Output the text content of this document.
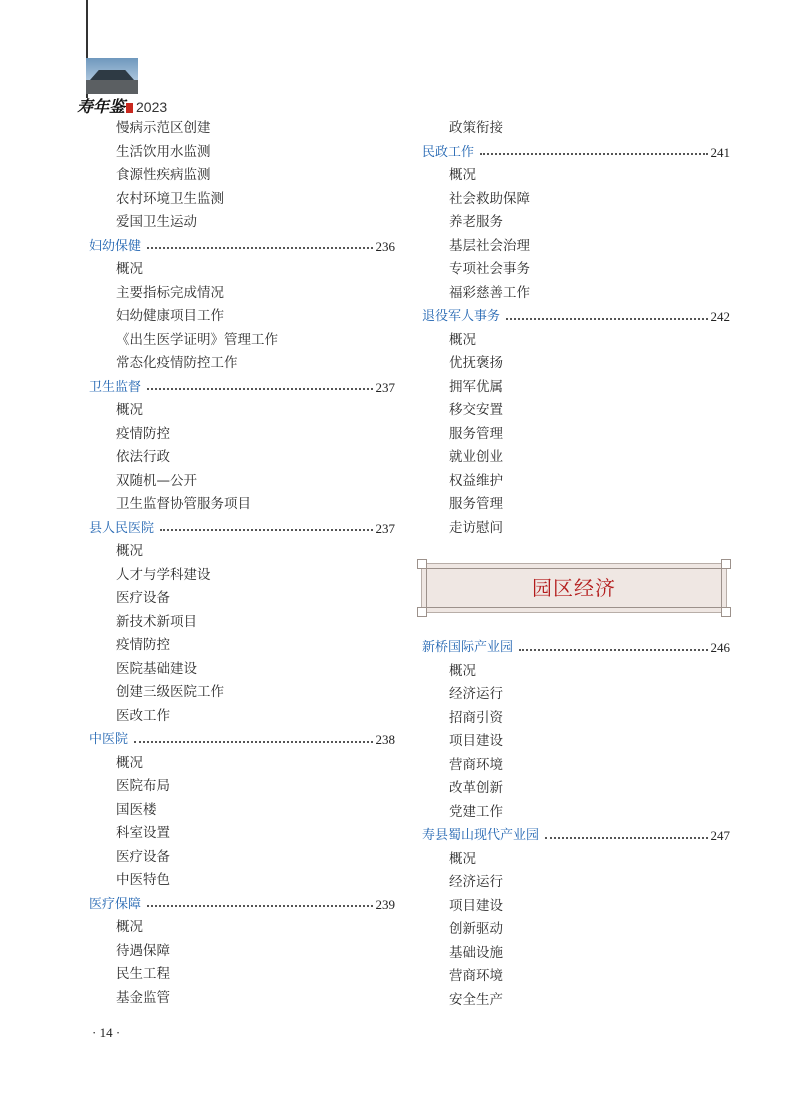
寿年鉴 2023
慢病示范区创建
生活饮用水监测
食源性疾病监测
农村环境卫生监测
爱国卫生运动
妇幼保健	236
概况
主要指标完成情况
妇幼健康项目工作
《出生医学证明》管理工作
常态化疫情防控工作
卫生监督	237
概况
疫情防控
依法行政
双随机—公开
卫生监督协管服务项目
县人民医院	237
概况
人才与学科建设
医疗设备
新技术新项目
疫情防控
医院基础建设
创建三级医院工作
医改工作
中医院	238
概况
医院布局
国医楼
科室设置
医疗设备
中医特色
医疗保障	239
概况
待遇保障
民生工程
基金监管
政策衔接
民政工作	241
概况
社会救助保障
养老服务
基层社会治理
专项社会事务
福彩慈善工作
退役军人事务	242
概况
优抚褒扬
拥军优属
移交安置
服务管理
就业创业
权益维护
服务管理
走访慰问
园区经济
新桥国际产业园	246
概况
经济运行
招商引资
项目建设
营商环境
改革创新
党建工作
寿县蜀山现代产业园	247
概况
经济运行
项目建设
创新驱动
基础设施
营商环境
安全生产
· 14 ·
